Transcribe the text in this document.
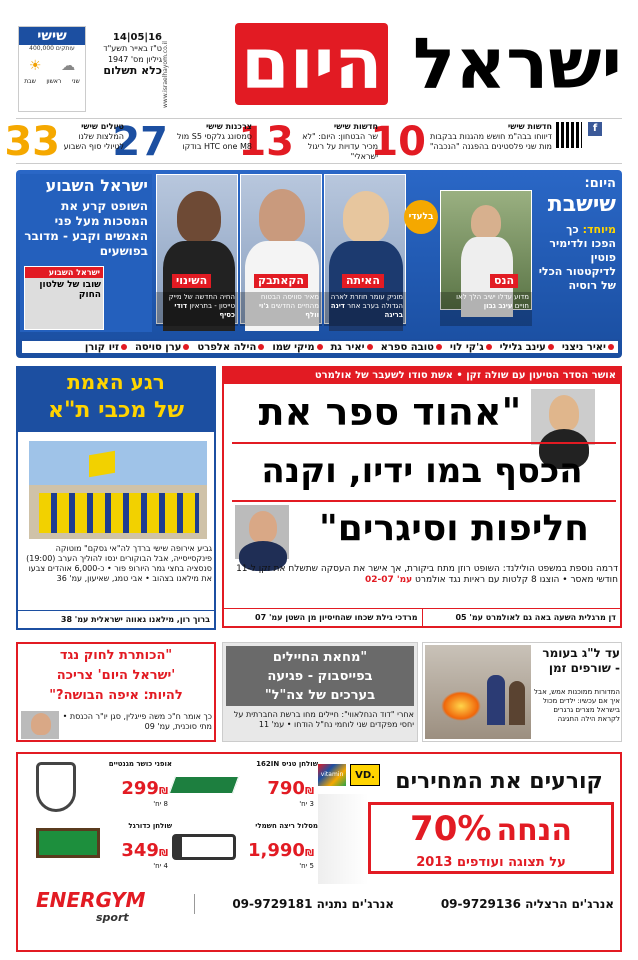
ישראל היום
16|05|14
ט"ז באייר תשע"ד
גיליון מס' 1947
כלא תשלום www.israelhayom.co.il
שישי
400,000 עותקים
☀ ☁
שבת ראשון שני
f
10	חדשות שישי
דיווחו בבה"מ חושש מהגנות בבקבות מות שני פלסטינים בהפגנה "הנכבה"
13	חדשות שישי
שר הבטחון: היום: "לא מכיר עדויות על ריגול ישראלי"
27	צרכנות שישי
סמסונג גלקסי S5 מול HTC one M8 בודקו
33	טיולים שישי
המלצות שלנו לטיולי סוף השבוע
ישראל השבוע
השופט קרע את המסכות מעל פני האנשים וקבע - מדובר בפושעים
ישראל השבוע
שובו של שלטון החוק
בלעדי
השינוי	הקאתבק	האיתה	הנס
החיה החדשה של מייק טייסון - בתראיון דודי כסיף
מאיר סוויסה הבטוח מהחיים החדשים ג'וי וולף
מוניק עומר חוזרת לארה הגדולה בערב אחר דינה בריגה
מדוע עדלו ישיב הלך לאו חויים עינב גבון
היום:
שישבת
מיוחד: כך הפכו ולדימיר פוטין לדיקטטור הכלי של רוסיה
יאיר ניצני
עינב גלילי
ג'קי לוי
טובה ספרא
יאיר גת
מיקי שמו
הילה אלפרט
ערן סויסה
זיו קורן
אושר הסדר הטיעון עם שולה זקן • אשת סודו לשעבר של אולמרט
"אהוד ספר את
הכסף במו ידיו, וקנה
חליפות וסיגרים"
דרמה נוספת במשפט הולילנד: השופט רוזן מתח ביקורת, אך אישר את העסקה שתשלח את זקן ל-11 חודשי מאסר • הוצגו 8 קלטות עם ראיות נגד אולמרט עמ' 02-07
דן מרגלית השעה באה גם לאולמרט עמ' 05
מרדכי גילת שכחו שהחיסיון מן השטן עמ' 07
רגע האמת
של מכבי ת"א
גביע אירופה שישי ברדך לה"אי גסקם" מוטוקה פינקסייסייה, אבל הבוקורים ינסו להוליך הערב (19:00) סנסציה בחצי גמר היורופ פור • כ-6,000 אוהדים צבעו את מילאנו בצהוב • אבי טמג, שאיעון, עמ' 36
ברוך רון, מילאנו גאווה ישראלית עמ' 38
עד ל"ג בעומר - שורפים זמן
המדורות ממוכנות אמש, אבל איך אם עכשיו: ילדים מכול בישראל מצרים גרגרים לקראת הילה החגיגה
"מחאת החיילים
בפייסבוק - פגיעה
בערכים של צה"ל"
אחרי "דוד הנחלאווי": חיילים מחו ברשת החברתית על יחסי מפקדים שני לוחמי נח"ל הודחו • עמ' 11
"הכותרת לחוק נגד
'ישראל היום' צריכה
להיות: איפה הבושה?"
כך אומר ח"כ משה פייגלין, סגן יו"ר הכנסת • מתי סוכנית, עמ' 09
קורעים את המחירים
VD.
vitamin
הנחה 70%
על תצוגה ועודפים 2013
אופני כושר מגנטיים
299₪
8 יח'
שולחן טניס 162IN
790₪
3 יח'
שולחן כדורגל
349₪
4 יח'
מסלול ריצה חשמלי
1,990₪
5 יח'
ENERGYM
sport
אנרג'ים הרצליה 09-9729136
אנרג'ים נתניה 09-9729181
